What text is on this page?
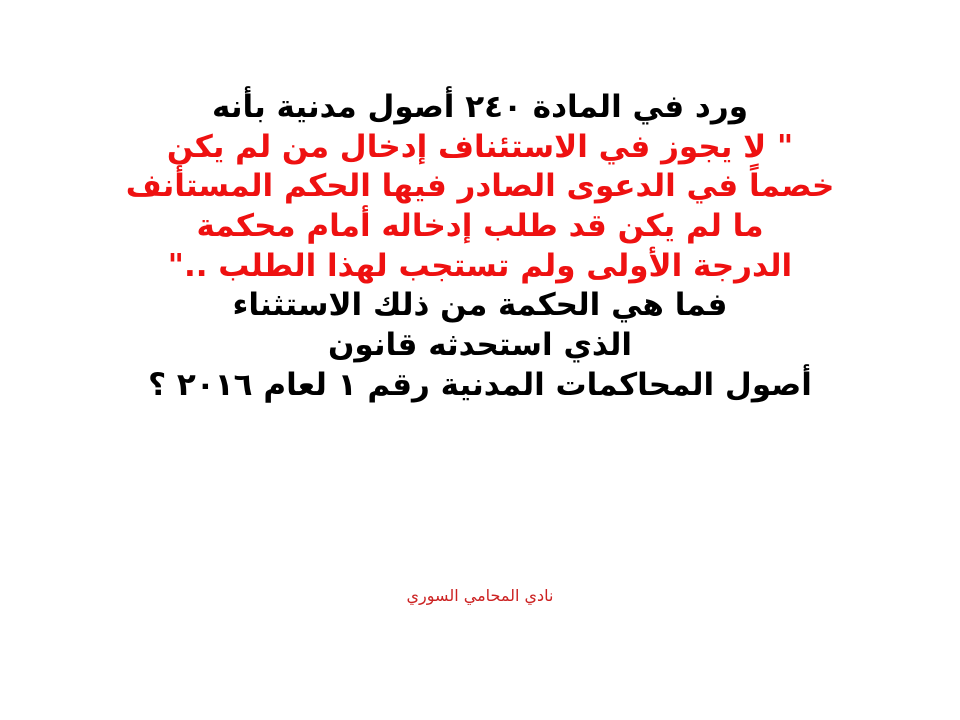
ورد في المادة ٢٤٠ أصول مدنية بأنه
" لا يجوز في الاستئناف إدخال من لم يكن
خصماً في الدعوى الصادر فيها الحكم المستأنف
ما لم يكن قد طلب إدخاله أمام محكمة
الدرجة الأولى ولم تستجب لهذا الطلب .."
فما هي الحكمة من ذلك الاستثناء
الذي استحدثه قانون
أصول المحاكمات المدنية رقم ١ لعام ٢٠١٦ ؟
نادي المحامي السوري
